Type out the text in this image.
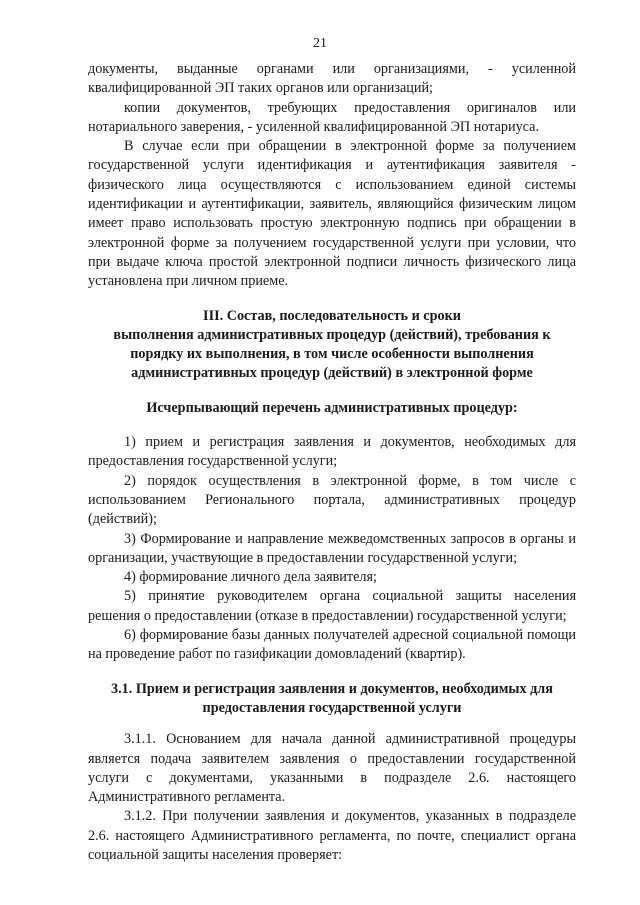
21

документы, выданные органами или организациями, - усиленной квалифицированной ЭП таких органов или организаций;

копии документов, требующих предоставления оригиналов или нотариального заверения, - усиленной квалифицированной ЭП нотариуса.

В случае если при обращении в электронной форме за получением государственной услуги идентификация и аутентификация заявителя - физического лица осуществляются с использованием единой системы идентификации и аутентификации, заявитель, являющийся физическим лицом имеет право использовать простую электронную подпись при обращении в электронной форме за получением государственной услуги при условии, что при выдаче ключа простой электронной подписи личность физического лица установлена при личном приеме.

III. Состав, последовательность и сроки

выполнения административных процедур (действий), требования к порядку их выполнения, в том числе особенности выполнения административных процедур (действий) в электронной форме

Исчерпывающий перечень административных процедур:

1) прием и регистрация заявления и документов, необходимых для предоставления государственной услуги;

2) порядок осуществления в электронной форме, в том числе с использованием Регионального портала, административных процедур (действий);

3) Формирование и направление межведомственных запросов в органы и организации, участвующие в предоставлении государственной услуги;

4) формирование личного дела заявителя;

5) принятие руководителем органа социальной защиты населения решения о предоставлении (отказе в предоставлении) государственной услуги;

6) формирование базы данных получателей адресной социальной помощи на проведение работ по газификации домовладений (квартир).

3.1. Прием и регистрация заявления и документов, необходимых для предоставления государственной услуги

3.1.1. Основанием для начала данной административной процедуры является подача заявителем заявления о предоставлении государственной услуги с документами, указанными в подразделе 2.6. настоящего Административного регламента.

3.1.2. При получении заявления и документов, указанных в подразделе 2.6. настоящего Административного регламента, по почте, специалист органа социальной защиты населения проверяет:
